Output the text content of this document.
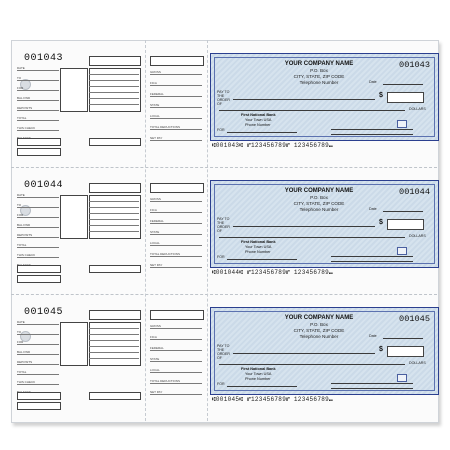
001043
DATE
TO
FOR
BAL FWD
DEPOSITS
TOTAL
THIS CHECK
GROSS
FICA
FEDERAL
STATE
LOCAL
TOTAL DEDUCTIONS
NET PAY
YOUR COMPANY NAME
P.O. Box
CITY, STATE, ZIP CODE
Telephone Number
001043
Date
PAY TO THE ORDER OF
$
DOLLARS
First National Bank
Your Town USA
Phone Number
FOR
⑆001043⑆ ⑈123456789⑈ 123456789⑉
001044
DATE
TO
FOR
BAL FWD
DEPOSITS
TOTAL
THIS CHECK
GROSS
FICA
FEDERAL
STATE
LOCAL
TOTAL DEDUCTIONS
NET PAY
YOUR COMPANY NAME
P.O. Box
CITY, STATE, ZIP CODE
Telephone Number
001044
Date
PAY TO THE ORDER OF
$
DOLLARS
First National Bank
Your Town USA
Phone Number
FOR
⑆001044⑆ ⑈123456789⑈ 123456789⑉
001045
DATE
TO
FOR
BAL FWD
DEPOSITS
TOTAL
THIS CHECK
GROSS
FICA
FEDERAL
STATE
LOCAL
TOTAL DEDUCTIONS
NET PAY
YOUR COMPANY NAME
P.O. Box
CITY, STATE, ZIP CODE
Telephone Number
001045
Date
PAY TO THE ORDER OF
$
DOLLARS
First National Bank
Your Town USA
Phone Number
FOR
⑆001045⑆ ⑈123456789⑈ 123456789⑉
